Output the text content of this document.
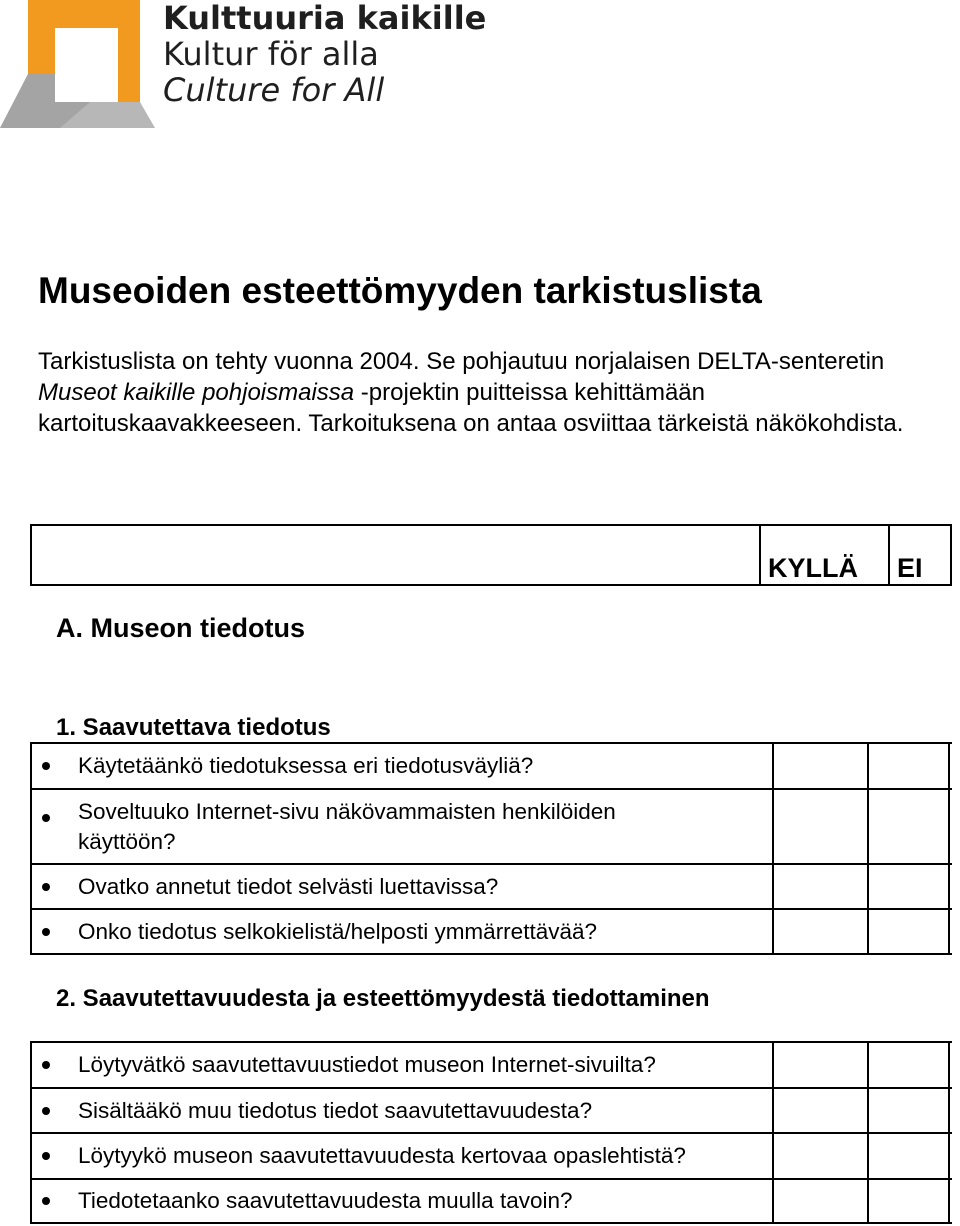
Kulttuuria kaikille
Kultur för alla
Culture for All
Museoiden esteettömyyden tarkistuslista

Tarkistuslista on tehty vuonna 2004. Se pohjautuu norjalaisen DELTA-senteretin
Museot kaikille pohjoismaissa -projektin puitteissa kehittämään
kartoituskaavakkeeseen. Tarkoituksena on antaa osviittaa tärkeistä näkökohdista.

KYLLÄ EI
A. Museon tiedotus
1. Saavutettava tiedotus
Käytetäänkö tiedotuksessa eri tiedotusväyliä?
Soveltuuko Internet-sivu näkövammaisten henkilöiden
käyttöön?
Ovatko annetut tiedot selvästi luettavissa?
Onko tiedotus selkokielistä/helposti ymmärrettävää?
2. Saavutettavuudesta ja esteettömyydestä tiedottaminen
Löytyvätkö saavutettavuustiedot museon Internet-sivuilta?
Sisältääkö muu tiedotus tiedot saavutettavuudesta?
Löytyykö museon saavutettavuudesta kertovaa opaslehtistä?
Tiedotetaanko saavutettavuudesta muulla tavoin?
